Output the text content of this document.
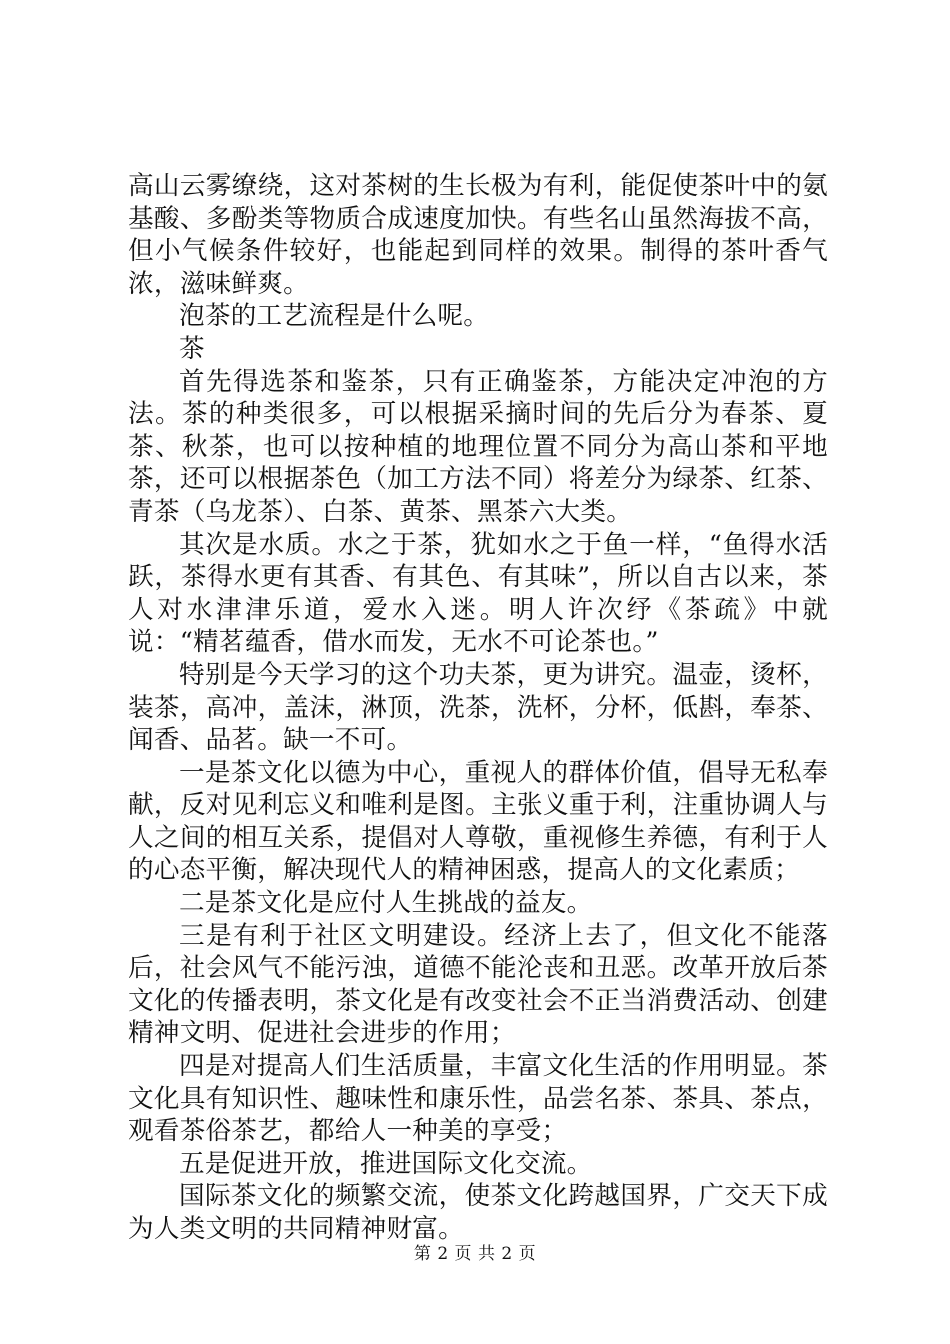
高山云雾缭绕，这对茶树的生长极为有利，能促使茶叶中的氨基酸、多酚类等物质合成速度加快。有些名山虽然海拔不高，但小气候条件较好，也能起到同样的效果。制得的茶叶香气浓，滋味鲜爽。

泡茶的工艺流程是什么呢。

茶

首先得选茶和鉴茶，只有正确鉴茶，方能决定冲泡的方法。茶的种类很多，可以根据采摘时间的先后分为春茶、夏茶、秋茶，也可以按种植的地理位置不同分为高山茶和平地茶，还可以根据茶色（加工方法不同）将差分为绿茶、红茶、青茶（乌龙茶）、白茶、黄茶、黑茶六大类。

其次是水质。水之于茶，犹如水之于鱼一样，“鱼得水活跃，茶得水更有其香、有其色、有其味”，所以自古以来，茶人对水津津乐道，爱水入迷。明人许次纾《茶疏》中就说：“精茗蕴香，借水而发，无水不可论茶也。”

特别是今天学习的这个功夫茶，更为讲究。温壶，烫杯，装茶，高冲，盖沫，淋顶，洗茶，洗杯，分杯，低斟，奉茶、闻香、品茗。缺一不可。

一是茶文化以德为中心，重视人的群体价值，倡导无私奉献，反对见利忘义和唯利是图。主张义重于利，注重协调人与人之间的相互关系，提倡对人尊敬，重视修生养德，有利于人的心态平衡，解决现代人的精神困惑，提高人的文化素质；

二是茶文化是应付人生挑战的益友。

三是有利于社区文明建设。经济上去了，但文化不能落后，社会风气不能污浊，道德不能沦丧和丑恶。改革开放后茶文化的传播表明，茶文化是有改变社会不正当消费活动、创建精神文明、促进社会进步的作用；

四是对提高人们生活质量，丰富文化生活的作用明显。茶文化具有知识性、趣味性和康乐性，品尝名茶、茶具、茶点，观看茶俗茶艺，都给人一种美的享受；

五是促进开放，推进国际文化交流。

国际茶文化的频繁交流，使茶文化跨越国界，广交天下成为人类文明的共同精神财富。

第 2 页 共 2 页
